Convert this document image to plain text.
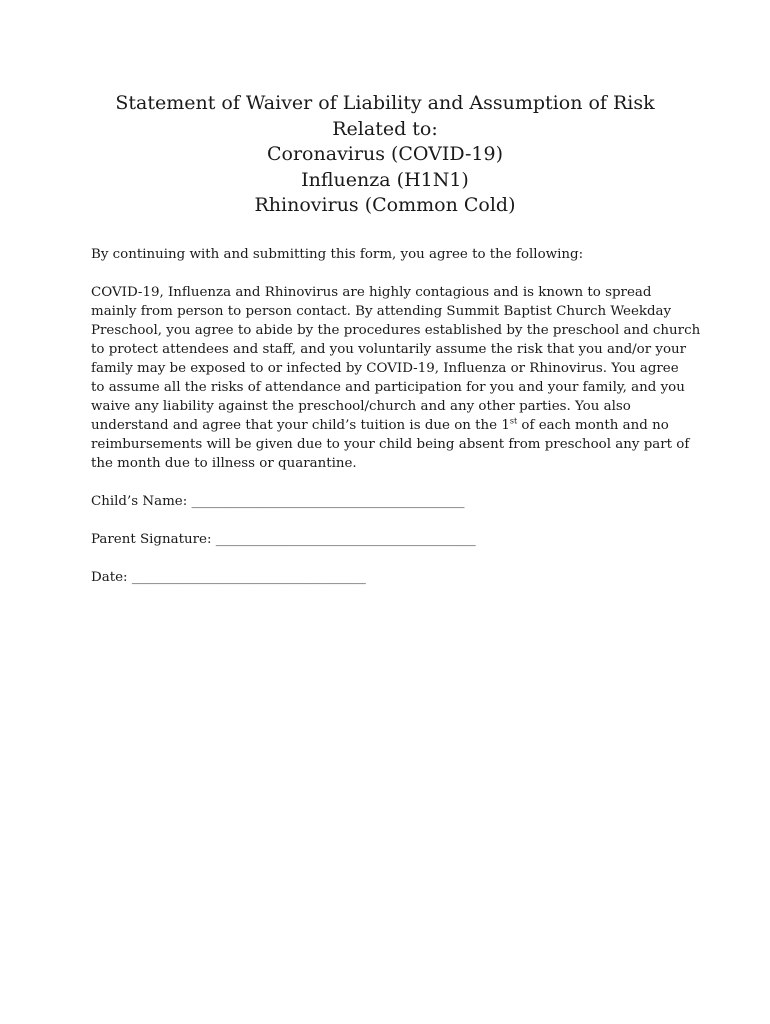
Statement of Waiver of Liability and Assumption of Risk
Related to:
Coronavirus (COVID-19)
Influenza (H1N1)
Rhinovirus (Common Cold)

By continuing with and submitting this form, you agree to the following:

COVID-19, Influenza and Rhinovirus are highly contagious and is known to spread
mainly from person to person contact. By attending Summit Baptist Church Weekday
Preschool, you agree to abide by the procedures established by the preschool and church
to protect attendees and staff, and you voluntarily assume the risk that you and/or your
family may be exposed to or infected by COVID-19, Influenza or Rhinovirus. You agree
to assume all the risks of attendance and participation for you and your family, and you
waive any liability against the preschool/church and any other parties. You also
understand and agree that your child’s tuition is due on the 1st of each month and no
reimbursements will be given due to your child being absent from preschool any part of
the month due to illness or quarantine.
Child’s Name: __________________________________________
Parent Signature: ________________________________________
Date: ____________________________________
